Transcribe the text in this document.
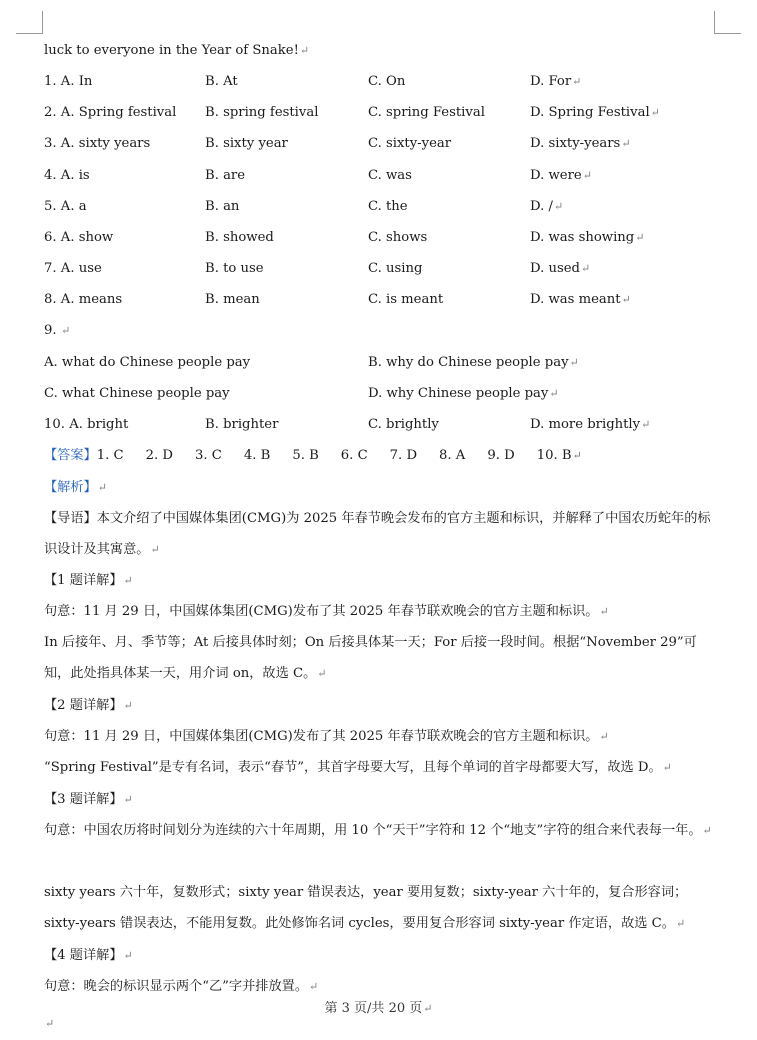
luck to everyone in the Year of Snake!↵
1. A. In	B. At	C. On	D. For↵
2. A. Spring festival B. spring festival	C. spring Festival	D. Spring Festival↵
3. A. sixty years	B. sixty year	C. sixty-year	D. sixty-years↵
4. A. is	B. are	C. was	D. were↵
5. A. a	B. an	C. the	D. /↵
6. A. show	B. showed	C. shows	D. was showing↵
7. A. use	B. to use	C. using	D. used↵
8. A. means	B. mean	C. is meant	D. was meant↵
9. ↵
A. what do Chinese people pay	B. why do Chinese people pay↵
C. what Chinese people pay	D. why Chinese people pay↵
10. A. bright	B. brighter	C. brightly	D. more brightly↵
【答案】1. C 2. D 3. C 4. B 5. B 6. C 7. D 8. A 9. D 10. B↵
【解析】↵
【导语】本文介绍了中国媒体集团(CMG)为 2025 年春节晚会发布的官方主题和标识，并解释了中国农历蛇年的标识设计及其寓意。↵
【1 题详解】↵
句意：11 月 29 日，中国媒体集团(CMG)发布了其 2025 年春节联欢晚会的官方主题和标识。↵
In 后接年、月、季节等；At 后接具体时刻；On 后接具体某一天；For 后接一段时间。根据“November 29”可知，此处指具体某一天，用介词 on，故选 C。↵
【2 题详解】↵
句意：11 月 29 日，中国媒体集团(CMG)发布了其 2025 年春节联欢晚会的官方主题和标识。↵
“Spring Festival”是专有名词，表示“春节”，其首字母要大写，且每个单词的首字母都要大写，故选 D。↵
【3 题详解】↵
句意：中国农历将时间划分为连续的六十年周期，用 10 个“天干”字符和 12 个“地支”字符的组合来代表每一年。↵
sixty years 六十年，复数形式；sixty year 错误表达，year 要用复数；sixty-year 六十年的，复合形容词；sixty-years 错误表达，不能用复数。此处修饰名词 cycles，要用复合形容词 sixty-year 作定语，故选 C。↵
【4 题详解】↵
句意：晚会的标识显示两个“乙”字并排放置。↵
第 3 页/共 20 页↵
↵
